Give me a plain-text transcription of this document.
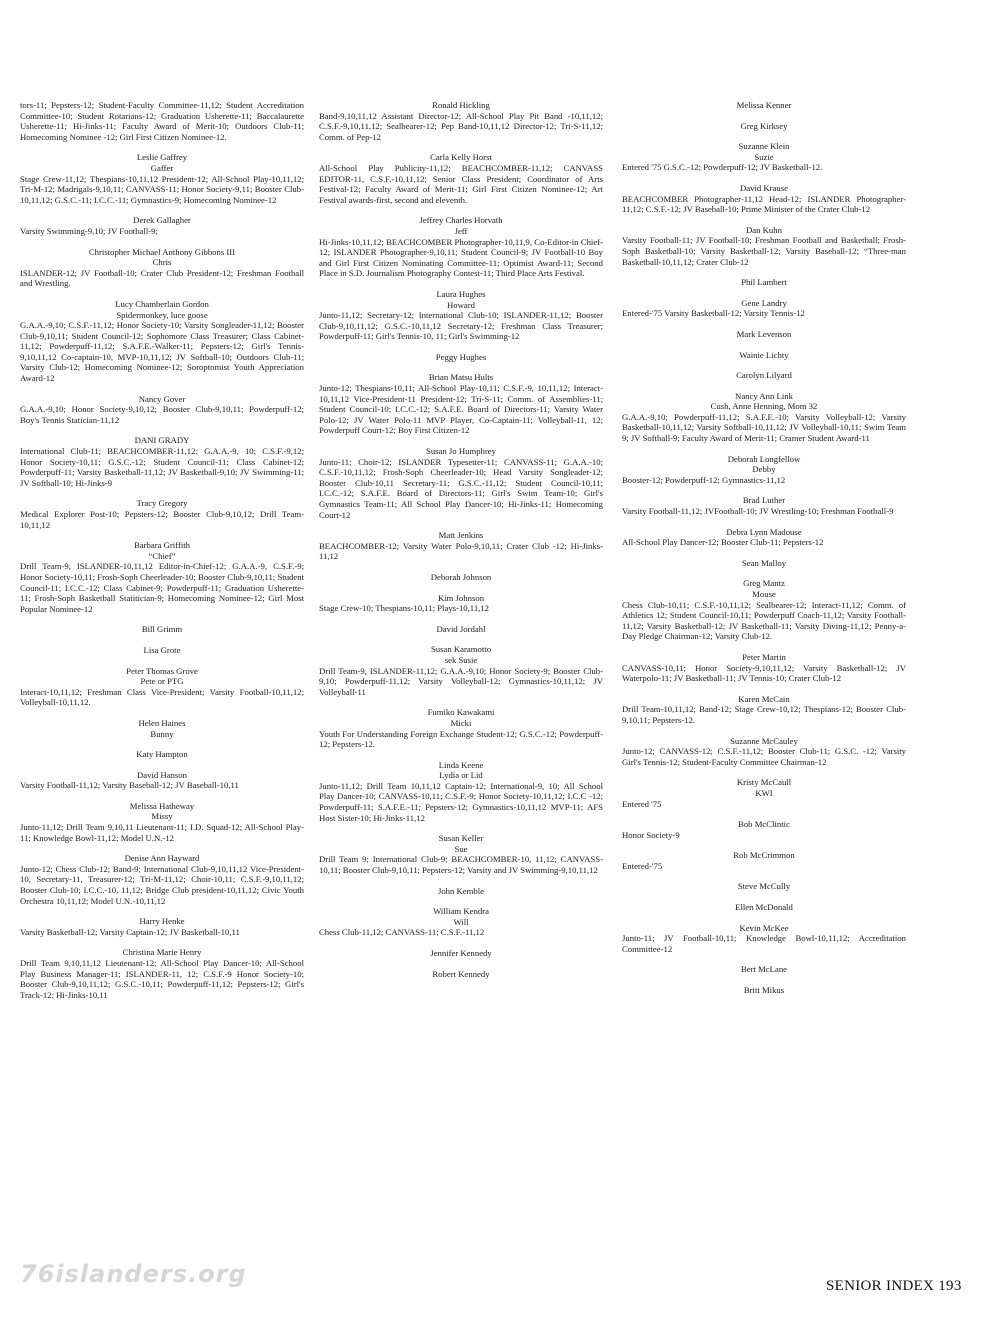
tors-11; Pepsters-12; Student-Faculty Committee-11,12; Student Accreditation Committee-10; Student Rotarians-12; Graduation Usherette-11; Baccalaurette Usherette-11; Hi-Jinks-11; Faculty Award of Merit-10; Outdoors Club-11; Homecoming Nominee -12; Girl First Citizen Nominee-12.
Leslie Gaffrey
Gaffer
Stage Crew-11,12; Thespians-10,11,12 President-12; All-School Play-10,11,12; Tri-M-12; Madrigals-9,10,11; CANVASS-11; Honor Society-9,11; Booster Club-10,11,12; G.S.C.-11; I.C.C.-11; Gymnastics-9; Homecoming Nominee-12
Derek Gallagher
Varsity Swimming-9,10; JV Football-9;
Christopher Michael Anthony Gibbons III
Chris
ISLANDER-12; JV Football-10; Crater Club President-12; Freshman Football and Wrestling.
Lucy Chamberlain Gordon
Spidermonkey, luce goose
G.A.A.-9,10; C.S.F.-11,12; Honor Society-10; Varsity Songleader-11,12; Booster Club-9,10,11; Student Council-12; Sophomore Class Treasurer; Class Cabinet-11,12; Powderpuff-11,12; S.A.F.E.-Walker-11; Pepsters-12; Girl's Tennis-9,10,11,12 Co-captain-10, MVP-10,11,12; JV Softball-10; Outdoors Club-11; Varsity Club-12; Homecoming Nominee-12; Soroptomist Youth Appreciation Award-12
Nancy Gover
G.A.A.-9,10; Honor Society-9,10,12; Booster Club-9,10,11; Powderpuff-12; Boy's Tennis Statician-11,12
DANI GRADY
International Club-11; BEACHCOMBER-11,12; G.A.A.-9, 10; C.S.F.-9,12; Honor Society-10,11; G.S.C.-12; Student Council-11; Class Cabinet-12; Powderpuff-11; Varsity Basketball-11,12; JV Basketball-9,10; JV Swimming-11; JV Softball-10; Hi-Jinks-9
Tracy Gregory
Medical Explorer Post-10; Pepsters-12; Booster Club-9,10,12; Drill Team-10,11,12
Barbara Griffith
“Chief”
Drill Team-9, ISLANDER-10,11,12 Editor-in-Chief-12; G.A.A.-9, C.S.F.-9; Honor Society-10,11; Frosh-Soph Cheerleader-10; Booster Club-9,10,11; Student Council-11; I.C.C.-12; Class Cabinet-9; Powderpuff-11; Graduation Usherette-11; Frosh-Soph Basketball Statitician-9; Homecoming Nominee-12; Girl Most Popular Nominee-12
Bill Grimm
Lisa Grote
Peter Thomas Grove
Pete or PTG
Interact-10,11,12; Freshman Class Vice-President; Varsity Football-10,11,12; Volleyball-10,11,12.
Helen Haines
Bunny
Katy Hampton
David Hanson
Varsity Football-11,12; Varsity Baseball-12; JV Baseball-10,11
Melissa Hatheway
Missy
Junto-11,12; Drill Team 9,10,11 Lieutenant-11; I.D. Squad-12; All-School Play-11; Knowledge Bowl-11,12; Model U.N.-12
Denise Ann Hayward
Junto-12; Chess Club-12; Band-9; International Club-9,10,11,12 Vice-President-10, Secretary-11, Treasurer-12; Tri-M-11,12; Choir-10,11; C.S.F.-9,10,11,12; Booster Club-10; I.C.C.-10, 11,12; Bridge Club president-10,11,12; Civic Youth Orchestra 10,11,12; Model U.N.-10,11,12
Harry Henke
Varsity Basketball-12; Varsity Captain-12; JV Basketball-10,11
Christina Marie Henry
Drill Team 9,10,11,12 Lieutenant-12; All-School Play Dancer-10; All-School Play Business Manager-11; ISLANDER-11, 12; C.S.F.-9 Honor Society-10; Booster Club-9,10,11,12; G.S.C.-10,11; Powderpuff-11,12; Pepsters-12; Girl's Track-12; Hi-Jinks-10,11
Ronald Hickling
Band-9,10,11,12 Assistant Director-12; All-School Play Pit Band -10,11,12; C.S.F.-9,10,11,12; Sealbearer-12; Pep Band-10,11,12 Director-12; Tri-S-11,12; Comm. of Pep-12
Carla Kelly Horst
All-School Play Publicity-11,12; BEACHCOMBER-11,12; CANVASS EDITOR-11, C.S.F.-10,11,12; Senior Class President; Coordinator of Arts Festival-12; Faculty Award of Merit-11; Girl First Citizen Nominee-12; Art Festival awards-first, second and eleventh.
Jeffrey Charles Horvath
Jeff
Hi-Jinks-10,11,12; BEACHCOMBER Photographer-10,11,9, Co-Editor-in Chief-12; ISLANDER Photographer-9,10,11; Student Council-9; JV Football-10 Boy and Girl First Citizen Nominating Committee-11; Optimist Award-11; Second Place in S.D. Journalism Photography Contest-11; Third Place Arts Festival.
Laura Hughes
Howard
Junto-11,12; Secretary-12; International Club-10; ISLANDER-11,12; Booster Club-9,10,11,12; G.S.C.-10,11,12 Secretary-12; Freshman Class Treasurer; Powderpuff-11; Girl's Tennis-10, 11; Girl's Swimming-12
Peggy Hughes
Brian Matsu Hults
Junto-12; Thespians-10,11; All-School Play-10,11; C.S.F.-9, 10,11,12; Interact-10,11,12 Vice-President-11 President-12; Tri-S-11; Comm. of Assemblies-11; Student Council-10; I.C.C.-12; S.A.F.E. Board of Directors-11; Varsity Water Polo-12; JV Water Polo-11 MVP Player, Co-Captain-11; Volleyball-11, 12; Powderpuff Court-12; Boy First Citizen-12
Susan Jo Humphrey
Junto-11; Choir-12; ISLANDER Typesetter-11; CANVASS-11; G.A.A.-10; C.S.F.-10,11,12; Frosh-Soph Cheerleader-10; Head Varsity Songleader-12; Booster Club-10,11 Secretary-11; G.S.C.-11,12; Student Council-10,11; I.C.C.-12; S.A.F.E. Board of Directors-11; Girl's Swim Team-10; Girl's Gymnastics Team-11; All School Play Dancer-10; Hi-Jinks-11; Homecoming Court-12
Matt Jenkins
BEACHCOMBER-12; Varsity Water Polo-9,10,11; Crater Club -12; Hi-Jinks-11,12
Deborah Johnson
Kim Johnson
Stage Crew-10; Thespians-10,11; Plays-10,11,12
David Jordahl
Susan Karamotto
sek Susie
Drill Team-9, ISLANDER-11,12; G.A.A.-9,10; Honor Society-9; Booster Club-9,10; Powderpuff-11,12; Varsity Volleyball-12; Gymnastics-10,11,12; JV Volleyball-11
Fumiko Kawakami
Micki
Youth For Understanding Foreign Exchange Student-12; G.S.C.-12; Powderpuff-12; Pepsters-12.
Linda Keene
Lydia or Lid
Junto-11,12; Drill Team 10,11,12 Captain-12; International-9, 10; All School Play Dancer-10; CANVASS-10,11; C.S.F.-9; Honor Society-10,11,12; I.C.C -12; Powderpuff-11; S.A.F.E.-11; Pepsters-12; Gymnastics-10,11,12 MVP-11; AFS Host Sister-10; Hi-Jinks-11,12
Susan Keller
Sue
Drill Team 9; International Club-9; BEACHCOMBER-10, 11,12; CANVASS-10,11; Booster Club-9,10,11; Pepsters-12; Varsity and JV Swimming-9,10,11,12
John Kemble
William Kendra
Will
Chess Club-11,12; CANVASS-11; C.S.F.-11,12
Jennifer Kennedy
Robert Kennedy
Melissa Kenner
Greg Kirksey
Suzanne Klein
Suzie
Entered '75 G.S.C.-12; Powderpuff-12; JV Basketball-12.
David Krause
BEACHCOMBER Photographer-11,12 Head-12; ISLANDER Photographer-11,12; C.S.F.-12; JV Baseball-10; Prime Minister of the Crater Club-12
Dan Kuhn
Varsity Football-11; JV Football-10; Freshman Football and Basketball; Frosh-Soph Basketball-10; Varsity Basketball-12; Varsity Baseball-12; “Three-man Basketball-10,11,12; Crater Club-12
Phil Lambert
Gene Landry
Entered-'75 Varsity Basketball-12; Varsity Tennis-12
Mark Levenson
Wainie Lichty
Carolyn Lilyard
Nancy Ann Link
Cush, Anne Henning, Mom 32
G.A.A.-9,10; Powderpuff-11,12; S.A.F.E.-10; Varsity Volleyball-12; Varsity Basketball-10,11,12; Varsity Softball-10,11,12; JV Volleyball-10,11; Swim Team 9; JV Softball-9; Faculty Award of Merit-11; Cramer Student Award-11
Deborah Longfellow
Debby
Booster-12; Powderpuff-12; Gymnastics-11,12
Brad Luther
Varsity Football-11,12; JVFootball-10; JV Wrestling-10; Freshman Football-9
Debra Lynn Madouse
All-School Play Dancer-12; Booster Club-11; Pepsters-12
Sean Malloy
Greg Mantz
Mouse
Chess Club-10,11; C.S.F.-10,11,12; Sealbearer-12; Interact-11,12; Comm. of Athletics 12; Student Council-10,11; Powderpuff Coach-11,12; Varsity Football-11,12; Varsity Basketball-12; JV Basketball-11; Varsity Diving-11,12; Penny-a-Day Pledge Chairman-12; Varsity Club-12.
Peter Martin
CANVASS-10,11; Honor Society-9,10,11,12; Varsity Basketball-12; JV Waterpolo-11; JV Basketball-11; JV Tennis-10; Crater Club-12
Karen McCain
Drill Team-10,11,12; Band-12; Stage Crew-10,12; Thespians-12; Booster Club-9,10,11; Pepsters-12.
Suzanne McCauley
Junto-12; CANVASS-12; C.S.F.-11,12; Booster Club-11; G.S.C. -12; Varsity Girl's Tennis-12; Student-Faculty Committee Chairman-12
Kristy McCaull
KWI
Entered '75
Bob McClintic
Honor Society-9
Rob McCrimmon
Entered-'75
Steve McCully
Ellen McDonald
Kevin McKee
Junto-11; JV Football-10,11; Knowledge Bowl-10,11,12; Accreditation Committee-12
Bert McLane
Britt Mikus
76islanders.org	SENIOR INDEX 193
